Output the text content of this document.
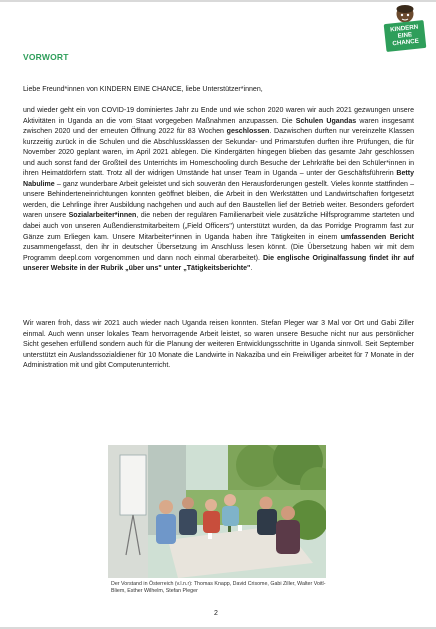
KINDERN
EINE
CHANCE
VORWORT
Liebe Freund*innen von KINDERN EINE CHANCE, liebe Unterstützer*innen,
und wieder geht ein von COVID-19 dominiertes Jahr zu Ende und wie schon 2020 waren wir auch 2021 gezwungen unsere Aktivitäten in Uganda an die vom Staat vorgegeben Maßnahmen anzupassen. Die Schulen Ugandas waren insgesamt zwischen 2020 und der erneuten Öffnung 2022 für 83 Wochen geschlossen. Dazwischen durften nur vereinzelte Klassen kurzzeitig zurück in die Schulen und die Abschlussklassen der Sekundar- und Primarstufen durften ihre Prüfungen, die für November 2020 geplant waren, im April 2021 ablegen. Die Kindergärten hingegen blieben das gesamte Jahr geschlossen und auch sonst fand der Großteil des Unterrichts im Homeschooling durch Besuche der Lehrkräfte bei den Schüler*innen in ihren Heimatdörfern statt. Trotz all der widrigen Umstände hat unser Team in Uganda – unter der Geschäftsführerin Betty Nabulime – ganz wunderbare Arbeit geleistet und sich souverän den Herausforderungen gestellt. Vieles konnte stattfinden – unsere Behinderteneinrichtungen konnten geöffnet bleiben, die Arbeit in den Werkstätten und Landwirtschaften fortgesetzt werden, die Lehrlinge ihrer Ausbildung nachgehen und auch auf den Baustellen lief der Betrieb weiter. Besonders gefordert waren unsere Sozialarbeiter*innen, die neben der regulären Familienarbeit viele zusätzliche Hilfsprogramme starteten und dabei auch von unseren Außendienstmitarbeitern („Field Officers") unterstützt wurden, da das Porridge Programm fast zur Gänze zum Erliegen kam. Unsere Mitarbeiter*innen in Uganda haben ihre Tätigkeiten in einem umfassenden Bericht zusammengefasst, den ihr in deutscher Übersetzung im Anschluss lesen könnt. (Die Übersetzung haben wir mit dem Programm deepl.com vorgenommen und dann noch einmal überarbeitet). Die englische Originalfassung findet ihr auf unserer Website in der Rubrik „über uns" unter „Tätigkeitsberichte".
Wir waren froh, dass wir 2021 auch wieder nach Uganda reisen konnten. Stefan Pleger war 3 Mal vor Ort und Gabi Ziller einmal. Auch wenn unser lokales Team hervorragende Arbeit leistet, so waren unsere Besuche nicht nur aus persönlicher Sicht gesehen erfüllend sondern auch für die Planung der weiteren Entwicklungsschritte in Uganda sinnvoll. Seit September unterstützt ein Auslandssozialdiener für 10 Monate die Landwirte in Nakaziba und ein Freiwilliger arbeitet für 7 Monate in der Administration mit und gibt Computerunterricht.
Der Vorstand in Österreich (v.l.n.r): Thomas Knapp, David Crisome, Gabi Ziller, Walter Voitl-Bliem, Esther Wilhelm, Stefan Pleger
2
